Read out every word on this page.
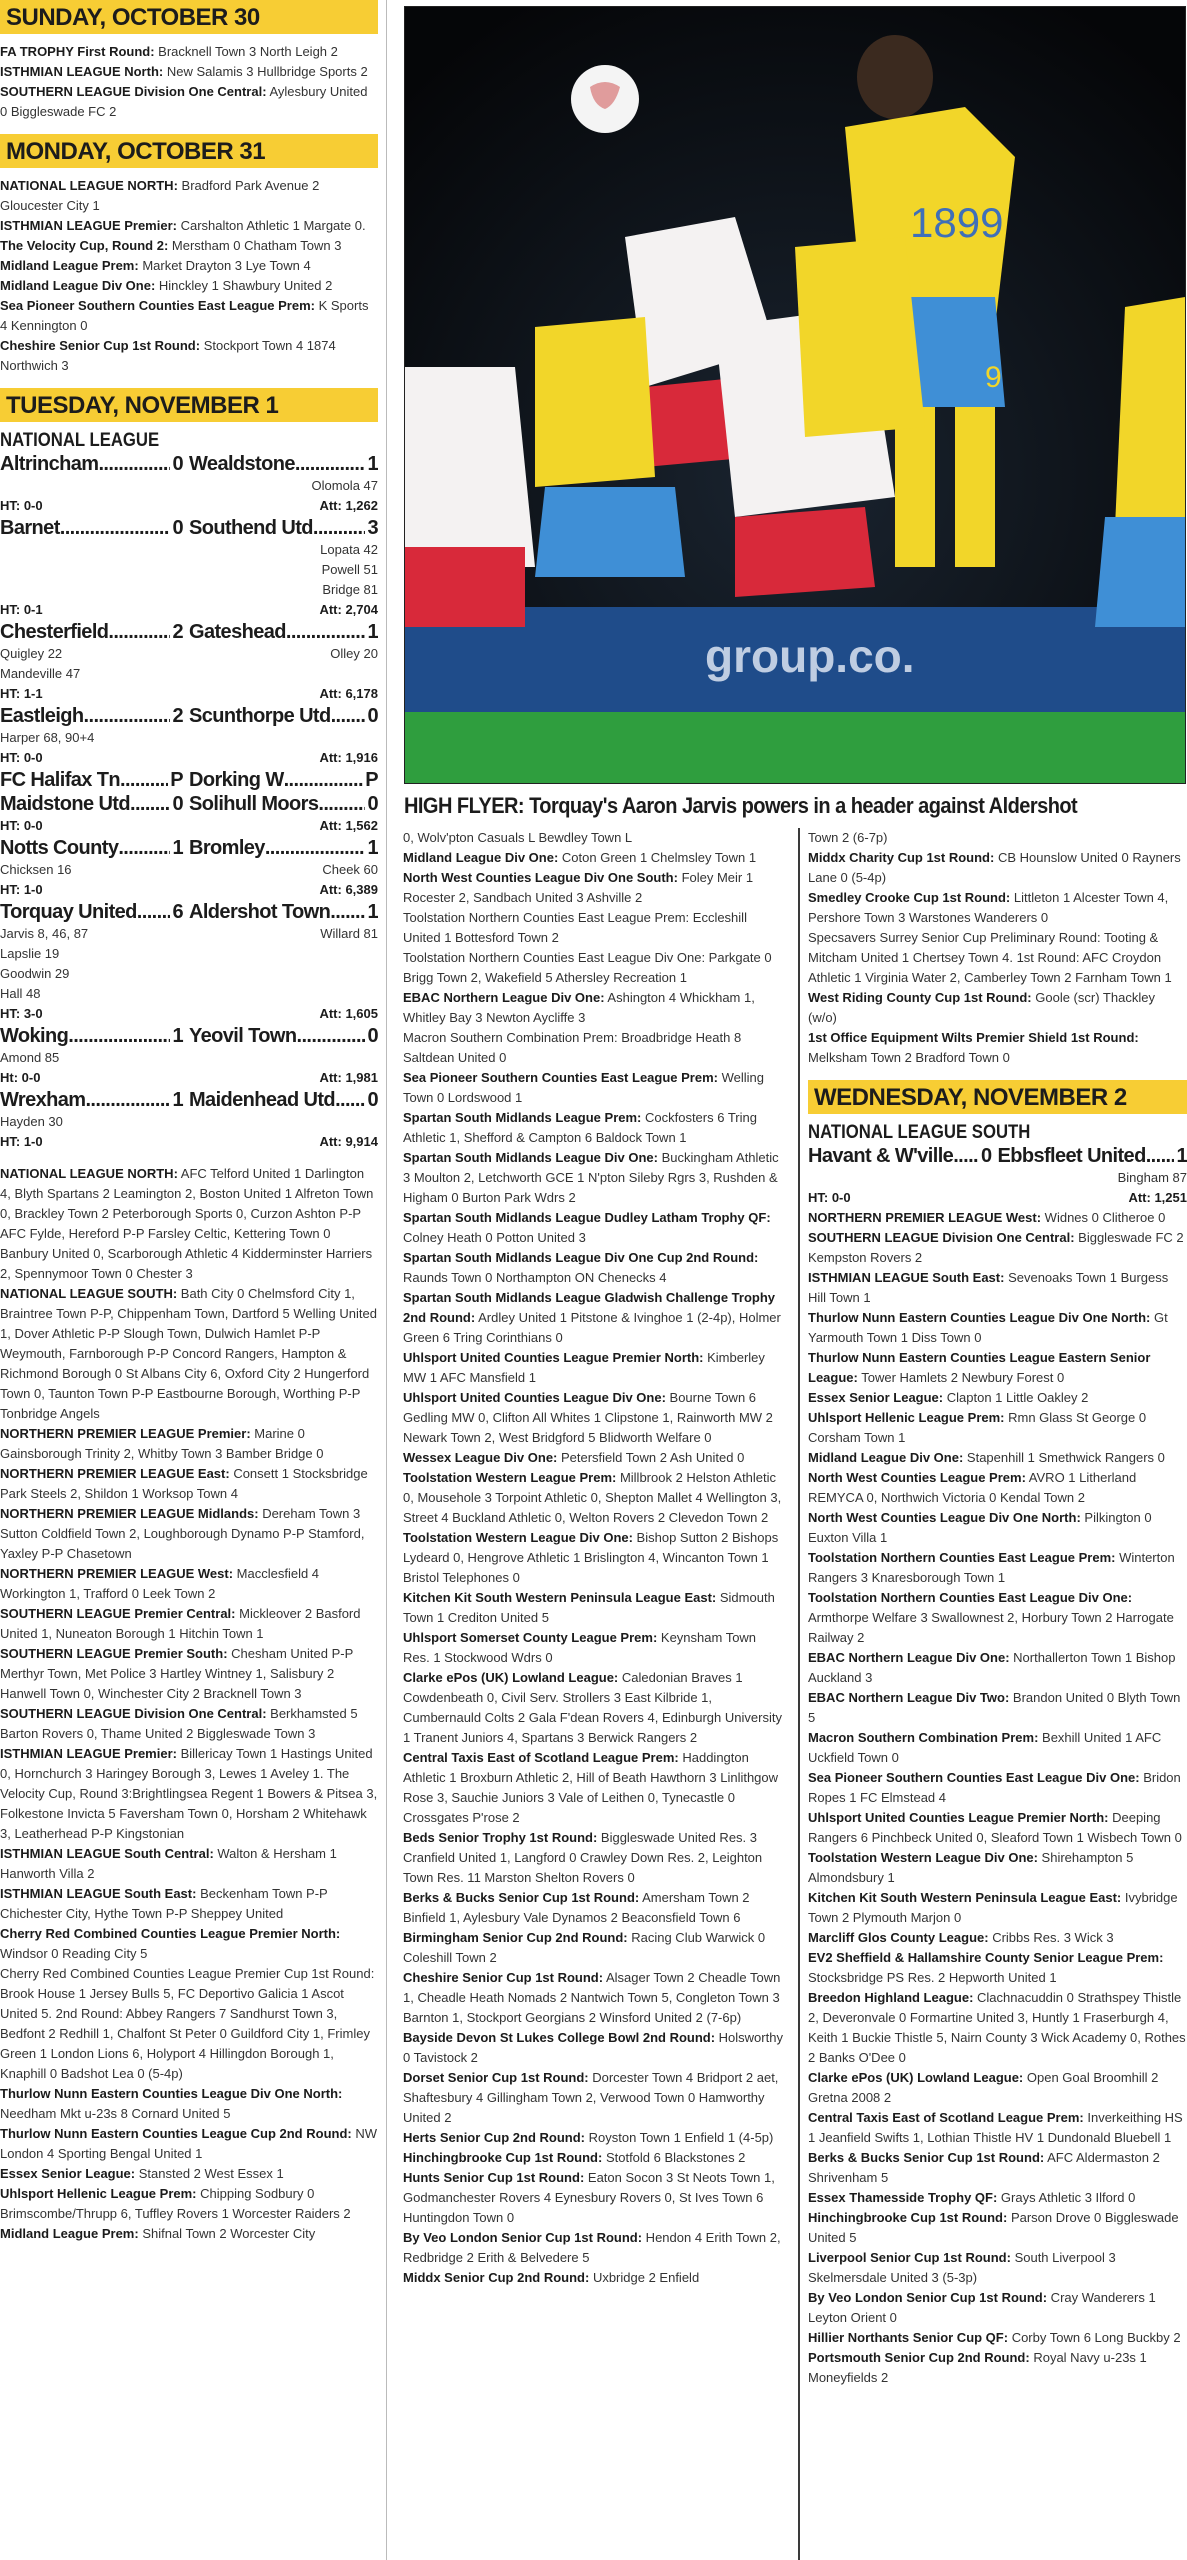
SUNDAY, OCTOBER 30

FA TROPHY First Round: Bracknell Town 3 North Leigh 2

ISTHMIAN LEAGUE North: New Salamis 3 Hullbridge Sports 2

SOUTHERN LEAGUE Division One Central: Aylesbury United 0 Biggleswade FC 2

MONDAY, OCTOBER 31

NATIONAL LEAGUE NORTH: Bradford Park Avenue 2 Gloucester City 1

ISTHMIAN LEAGUE Premier: Carshalton Athletic 1 Margate 0. The Velocity Cup, Round 2: Merstham 0 Chatham Town 3

Midland League Prem: Market Drayton 3 Lye Town 4

Midland League Div One: Hinckley 1 Shawbury United 2

Sea Pioneer Southern Counties East League Prem: K Sports 4 Kennington 0

Cheshire Senior Cup 1st Round: Stockport Town 4 1874 Northwich 3

TUESDAY, NOVEMBER 1
NATIONAL LEAGUE
Altrincham .....	0 Wealdstone .....	1
Olomola 47
HT: 0-0	Att: 1,262
Barnet .....	0 Southend Utd .....	3
Lopata 42
Powell 51
Bridge 81
HT: 0-1	Att: 2,704
Chesterfield .....	2 Gateshead .....	1
Quigley 22	Olley 20
Mandeville 47
HT: 1-1	Att: 6,178
Eastleigh .....	2 Scunthorpe Utd ..... 0
Harper 68, 90+4
HT: 0-0	Att: 1,916
FC Halifax Tn .....	P Dorking W .....	P
Maidstone Utd ..... 0 Solihull Moors ..... 0
HT: 0-0	Att: 1,562
Notts County .....	1 Bromley .....	1
Chicksen 16	Cheek 60
HT: 1-0	Att: 6,389
Torquay United ..... 6 Aldershot Town ..... 1
Jarvis 8, 46, 87	Willard 81
Lapslie 19
Goodwin 29
Hall 48
HT: 3-0	Att: 1,605
Woking .....	1 Yeovil Town .....	0
Amond 85
Ht: 0-0	Att: 1,981
Wrexham .....	1 Maidenhead Utd ..... 0
Hayden 30
HT: 1-0	Att: 9,914

NATIONAL LEAGUE NORTH: AFC Telford United 1 Darlington 4, Blyth Spartans 2 Leamington 2, Boston United 1 Alfreton Town 0, Brackley Town 2 Peterborough Sports 0, Curzon Ashton P-P AFC Fylde, Hereford P-P Farsley Celtic, Kettering Town 0 Banbury United 0, Scarborough Athletic 4 Kidderminster Harriers 2, Spennymoor Town 0 Chester 3

NATIONAL LEAGUE SOUTH: Bath City 0 Chelmsford City 1, Braintree Town P-P, Chippenham Town, Dartford 5 Welling United 1, Dover Athletic P-P Slough Town, Dulwich Hamlet P-P Weymouth, Farnborough P-P Concord Rangers, Hampton & Richmond Borough 0 St Albans City 6, Oxford City 2 Hungerford Town 0, Taunton Town P-P Eastbourne Borough, Worthing P-P Tonbridge Angels

NORTHERN PREMIER LEAGUE Premier: Marine 0 Gainsborough Trinity 2, Whitby Town 3 Bamber Bridge 0

NORTHERN PREMIER LEAGUE East: Consett 1 Stocksbridge Park Steels 2, Shildon 1 Worksop Town 4

NORTHERN PREMIER LEAGUE Midlands: Dereham Town 3 Sutton Coldfield Town 2, Loughborough Dynamo P-P Stamford, Yaxley P-P Chasetown

NORTHERN PREMIER LEAGUE West: Macclesfield 4 Workington 1, Trafford 0 Leek Town 2

SOUTHERN LEAGUE Premier Central: Mickleover 2 Basford United 1, Nuneaton Borough 1 Hitchin Town 1

SOUTHERN LEAGUE Premier South: Chesham United P-P Merthyr Town, Met Police 3 Hartley Wintney 1, Salisbury 2 Hanwell Town 0, Winchester City 2 Bracknell Town 3

SOUTHERN LEAGUE Division One Central: Berkhamsted 5 Barton Rovers 0, Thame United 2 Biggleswade Town 3

ISTHMIAN LEAGUE Premier: Billericay Town 1 Hastings United 0, Hornchurch 3 Haringey Borough 3, Lewes 1 Aveley 1. The Velocity Cup, Round 3:Brightlingsea Regent 1 Bowers & Pitsea 3, Folkestone Invicta 5 Faversham Town 0, Horsham 2 Whitehawk 3, Leatherhead P-P Kingstonian

ISTHMIAN LEAGUE South Central: Walton & Hersham 1 Hanworth Villa 2

ISTHMIAN LEAGUE South East: Beckenham Town P-P Chichester City, Hythe Town P-P Sheppey United

Cherry Red Combined Counties League Premier North: Windsor 0 Reading City 5

Cherry Red Combined Counties League Premier Cup 1st Round: Brook House 1 Jersey Bulls 5, FC Deportivo Galicia 1 Ascot United 5. 2nd Round: Abbey Rangers 7 Sandhurst Town 3, Bedfont 2 Redhill 1, Chalfont St Peter 0 Guildford City 1, Frimley Green 1 London Lions 6, Holyport 4 Hillingdon Borough 1, Knaphill 0 Badshot Lea 0 (5-4p)

Thurlow Nunn Eastern Counties League Div One North: Needham Mkt u-23s 8 Cornard United 5

Thurlow Nunn Eastern Counties League Cup 2nd Round: NW London 4 Sporting Bengal United 1

Essex Senior League: Stansted 2 West Essex 1

Uhlsport Hellenic League Prem: Chipping Sodbury 0 Brimscombe/Thrupp 6, Tuffley Rovers 1 Worcester Raiders 2

Midland League Prem: Shifnal Town 2 Worcester City

group.co.
1899
9
HIGH FLYER: Torquay's Aaron Jarvis powers in a header against Aldershot

0, Wolv'pton Casuals L Bewdley Town L

Midland League Div One: Coton Green 1 Chelmsley Town 1

North West Counties League Div One South: Foley Meir 1 Rocester 2, Sandbach United 3 Ashville 2

Toolstation Northern Counties East League Prem: Eccleshill United 1 Bottesford Town 2

Toolstation Northern Counties East League Div One: Parkgate 0 Brigg Town 2, Wakefield 5 Athersley Recreation 1

EBAC Northern League Div One: Ashington 4 Whickham 1, Whitley Bay 3 Newton Aycliffe 3

Macron Southern Combination Prem: Broadbridge Heath 8 Saltdean United 0

Sea Pioneer Southern Counties East League Prem: Welling Town 0 Lordswood 1

Spartan South Midlands League Prem: Cockfosters 6 Tring Athletic 1, Shefford & Campton 6 Baldock Town 1

Spartan South Midlands League Div One: Buckingham Athletic 3 Moulton 2, Letchworth GCE 1 N'pton Sileby Rgrs 3, Rushden & Higham 0 Burton Park Wdrs 2

Spartan South Midlands League Dudley Latham Trophy QF: Colney Heath 0 Potton United 3

Spartan South Midlands League Div One Cup 2nd Round: Raunds Town 0 Northampton ON Chenecks 4

Spartan South Midlands League Gladwish Challenge Trophy 2nd Round: Ardley United 1 Pitstone & Ivinghoe 1 (2-4p), Holmer Green 6 Tring Corinthians 0

Uhlsport United Counties League Premier North: Kimberley MW 1 AFC Mansfield 1

Uhlsport United Counties League Div One: Bourne Town 6 Gedling MW 0, Clifton All Whites 1 Clipstone 1, Rainworth MW 2 Newark Town 2, West Bridgford 5 Blidworth Welfare 0

Wessex League Div One: Petersfield Town 2 Ash United 0

Toolstation Western League Prem: Millbrook 2 Helston Athletic 0, Mousehole 3 Torpoint Athletic 0, Shepton Mallet 4 Wellington 3, Street 4 Buckland Athletic 0, Welton Rovers 2 Clevedon Town 2

Toolstation Western League Div One: Bishop Sutton 2 Bishops Lydeard 0, Hengrove Athletic 1 Brislington 4, Wincanton Town 1 Bristol Telephones 0

Kitchen Kit South Western Peninsula League East: Sidmouth Town 1 Crediton United 5

Uhlsport Somerset County League Prem: Keynsham Town Res. 1 Stockwood Wdrs 0

Clarke ePos (UK) Lowland League: Caledonian Braves 1 Cowdenbeath 0, Civil Serv. Strollers 3 East Kilbride 1, Cumbernauld Colts 2 Gala F'dean Rovers 4, Edinburgh University 1 Tranent Juniors 4, Spartans 3 Berwick Rangers 2

Central Taxis East of Scotland League Prem: Haddington Athletic 1 Broxburn Athletic 2, Hill of Beath Hawthorn 3 Linlithgow Rose 3, Sauchie Juniors 3 Vale of Leithen 0, Tynecastle 0 Crossgates P'rose 2

Beds Senior Trophy 1st Round: Biggleswade United Res. 3 Cranfield United 1, Langford 0 Crawley Down Res. 2, Leighton Town Res. 11 Marston Shelton Rovers 0

Berks & Bucks Senior Cup 1st Round: Amersham Town 2 Binfield 1, Aylesbury Vale Dynamos 2 Beaconsfield Town 6

Birmingham Senior Cup 2nd Round: Racing Club Warwick 0 Coleshill Town 2

Cheshire Senior Cup 1st Round: Alsager Town 2 Cheadle Town 1, Cheadle Heath Nomads 2 Nantwich Town 5, Congleton Town 3 Barnton 1, Stockport Georgians 2 Winsford United 2 (7-6p)

Bayside Devon St Lukes College Bowl 2nd Round: Holsworthy 0 Tavistock 2

Dorset Senior Cup 1st Round: Dorcester Town 4 Bridport 2 aet, Shaftesbury 4 Gillingham Town 2, Verwood Town 0 Hamworthy United 2

Herts Senior Cup 2nd Round: Royston Town 1 Enfield 1 (4-5p)

Hinchingbrooke Cup 1st Round: Stotfold 6 Blackstones 2

Hunts Senior Cup 1st Round: Eaton Socon 3 St Neots Town 1, Godmanchester Rovers 4 Eynesbury Rovers 0, St Ives Town 6 Huntingdon Town 0

By Veo London Senior Cup 1st Round: Hendon 4 Erith Town 2, Redbridge 2 Erith & Belvedere 5

Middx Senior Cup 2nd Round: Uxbridge 2 Enfield

Town 2 (6-7p)

Middx Charity Cup 1st Round: CB Hounslow United 0 Rayners Lane 0 (5-4p)

Smedley Crooke Cup 1st Round: Littleton 1 Alcester Town 4, Pershore Town 3 Warstones Wanderers 0

Specsavers Surrey Senior Cup Preliminary Round: Tooting & Mitcham United 1 Chertsey Town 4. 1st Round: AFC Croydon Athletic 1 Virginia Water 2, Camberley Town 2 Farnham Town 1

West Riding County Cup 1st Round: Goole (scr) Thackley (w/o)

1st Office Equipment Wilts Premier Shield 1st Round: Melksham Town 2 Bradford Town 0

WEDNESDAY, NOVEMBER 2
NATIONAL LEAGUE SOUTH
Havant & W'ville. ..... 0 Ebbsfleet United ..... 1
Bingham 87
HT: 0-0	Att: 1,251

NORTHERN PREMIER LEAGUE West: Widnes 0 Clitheroe 0

SOUTHERN LEAGUE Division One Central: Biggleswade FC 2 Kempston Rovers 2

ISTHMIAN LEAGUE South East: Sevenoaks Town 1 Burgess Hill Town 1

Thurlow Nunn Eastern Counties League Div One North: Gt Yarmouth Town 1 Diss Town 0

Thurlow Nunn Eastern Counties League Eastern Senior League: Tower Hamlets 2 Newbury Forest 0

Essex Senior League: Clapton 1 Little Oakley 2

Uhlsport Hellenic League Prem: Rmn Glass St George 0 Corsham Town 1

Midland League Div One: Stapenhill 1 Smethwick Rangers 0

North West Counties League Prem: AVRO 1 Litherland REMYCA 0, Northwich Victoria 0 Kendal Town 2

North West Counties League Div One North: Pilkington 0 Euxton Villa 1

Toolstation Northern Counties East League Prem: Winterton Rangers 3 Knaresborough Town 1

Toolstation Northern Counties East League Div One: Armthorpe Welfare 3 Swallownest 2, Horbury Town 2 Harrogate Railway 2

EBAC Northern League Div One: Northallerton Town 1 Bishop Auckland 3

EBAC Northern League Div Two: Brandon United 0 Blyth Town 5

Macron Southern Combination Prem: Bexhill United 1 AFC Uckfield Town 0

Sea Pioneer Southern Counties East League Div One: Bridon Ropes 1 FC Elmstead 4

Uhlsport United Counties League Premier North: Deeping Rangers 6 Pinchbeck United 0, Sleaford Town 1 Wisbech Town 0

Toolstation Western League Div One: Shirehampton 5 Almondsbury 1

Kitchen Kit South Western Peninsula League East: Ivybridge Town 2 Plymouth Marjon 0

Marcliff Glos County League: Cribbs Res. 3 Wick 3

EV2 Sheffield & Hallamshire County Senior League Prem: Stocksbridge PS Res. 2 Hepworth United 1

Breedon Highland League: Clachnacuddin 0 Strathspey Thistle 2, Deveronvale 0 Formartine United 3, Huntly 1 Fraserburgh 4, Keith 1 Buckie Thistle 5, Nairn County 3 Wick Academy 0, Rothes 2 Banks O'Dee 0

Clarke ePos (UK) Lowland League: Open Goal Broomhill 2 Gretna 2008 2

Central Taxis East of Scotland League Prem: Inverkeithing HS 1 Jeanfield Swifts 1, Lothian Thistle HV 1 Dundonald Bluebell 1

Berks & Bucks Senior Cup 1st Round: AFC Aldermaston 2 Shrivenham 5

Essex Thamesside Trophy QF: Grays Athletic 3 Ilford 0

Hinchingbrooke Cup 1st Round: Parson Drove 0 Biggleswade United 5

Liverpool Senior Cup 1st Round: South Liverpool 3 Skelmersdale United 3 (5-3p)

By Veo London Senior Cup 1st Round: Cray Wanderers 1 Leyton Orient 0

Hillier Northants Senior Cup QF: Corby Town 6 Long Buckby 2

Portsmouth Senior Cup 2nd Round: Royal Navy u-23s 1 Moneyfields 2
